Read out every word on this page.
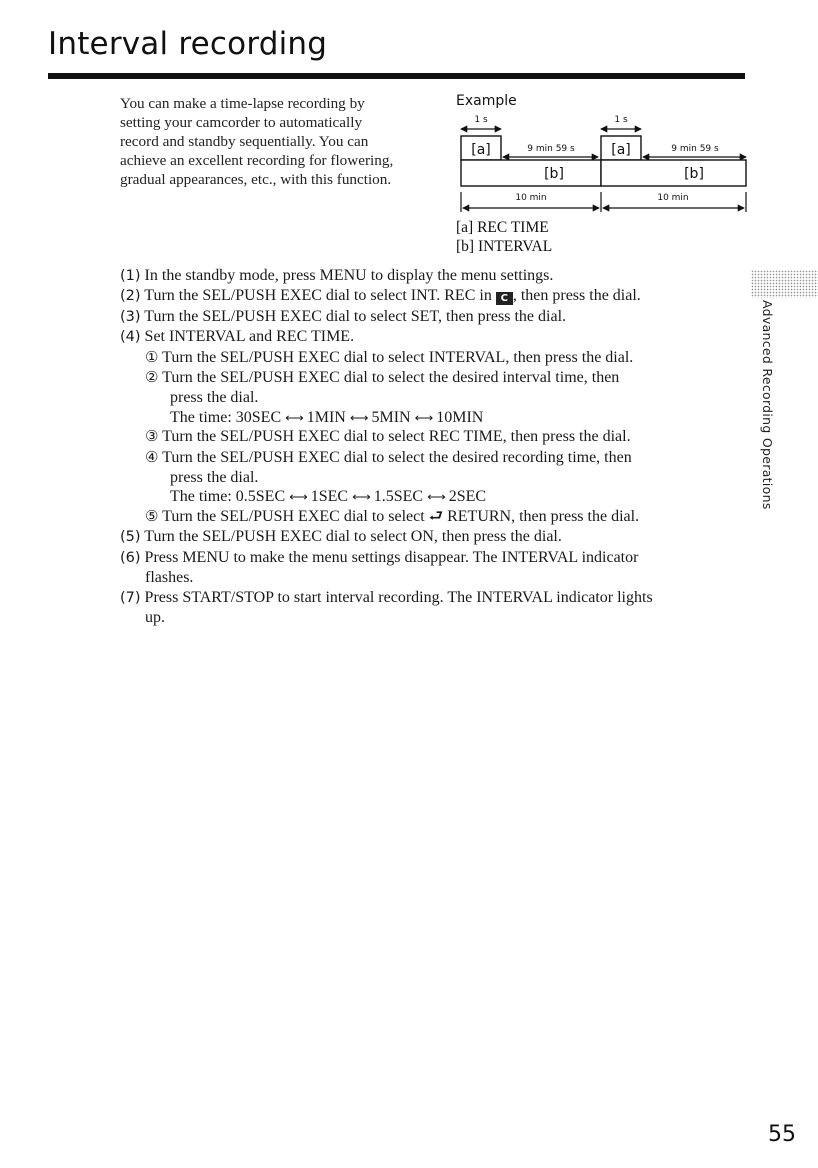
Interval recording
You can make a time-lapse recording by
setting your camcorder to automatically
record and standby sequentially. You can
achieve an excellent recording for flowering,
gradual appearances, etc., with this function.
Example
1 s	1 s
[a]	[a]
9 min 59 s	9 min 59 s
[b]	[b]
10 min	10 min
[a] REC TIME
[b] INTERVAL
(1) In the standby mode, press MENU to display the menu settings.
(2) Turn the SEL/PUSH EXEC dial to select INT. REC in C , then press the dial.
(3) Turn the SEL/PUSH EXEC dial to select SET, then press the dial.
(4) Set INTERVAL and REC TIME.
① Turn the SEL/PUSH EXEC dial to select INTERVAL, then press the dial.
② Turn the SEL/PUSH EXEC dial to select the desired interval time, then
press the dial.
The time: 30SEC ⟷ 1MIN ⟷ 5MIN ⟷ 10MIN
③ Turn the SEL/PUSH EXEC dial to select REC TIME, then press the dial.
④ Turn the SEL/PUSH EXEC dial to select the desired recording time, then
press the dial.
The time: 0.5SEC ⟷ 1SEC ⟷ 1.5SEC ⟷ 2SEC
⑤ Turn the SEL/PUSH EXEC dial to select ⮐ RETURN, then press the dial.
(5) Turn the SEL/PUSH EXEC dial to select ON, then press the dial.
(6) Press MENU to make the menu settings disappear. The INTERVAL indicator
flashes.
(7) Press START/STOP to start interval recording. The INTERVAL indicator lights
up.
Advanced Recording Operations
55
